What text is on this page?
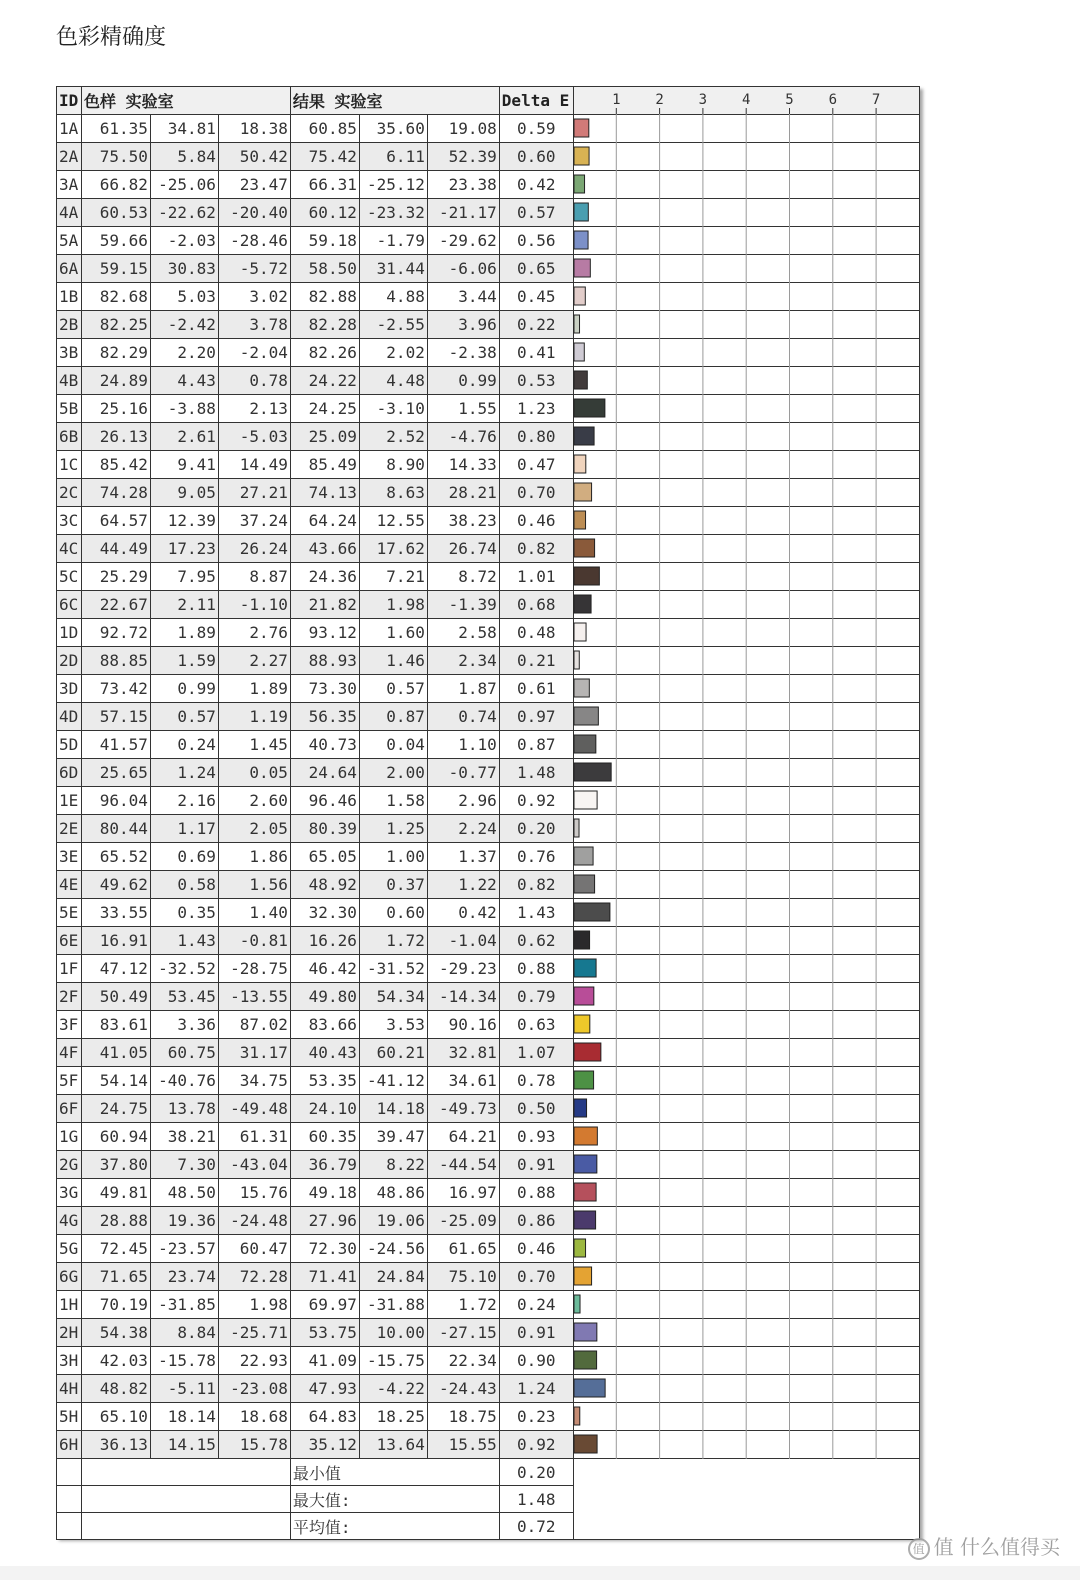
色彩精确度
ID	色样 实验室			结果 实验室			Delta E	
1A	61.35	34.81	18.38	60.85	35.60	19.08	0.59	
2A	75.50	5.84	50.42	75.42	6.11	52.39	0.60	
3A	66.82	-25.06	23.47	66.31	-25.12	23.38	0.42	
4A	60.53	-22.62	-20.40	60.12	-23.32	-21.17	0.57	
5A	59.66	-2.03	-28.46	59.18	-1.79	-29.62	0.56	
6A	59.15	30.83	-5.72	58.50	31.44	-6.06	0.65	
1B	82.68	5.03	3.02	82.88	4.88	3.44	0.45	
2B	82.25	-2.42	3.78	82.28	-2.55	3.96	0.22	
3B	82.29	2.20	-2.04	82.26	2.02	-2.38	0.41	
4B	24.89	4.43	0.78	24.22	4.48	0.99	0.53	
5B	25.16	-3.88	2.13	24.25	-3.10	1.55	1.23	
6B	26.13	2.61	-5.03	25.09	2.52	-4.76	0.80	
1C	85.42	9.41	14.49	85.49	8.90	14.33	0.47	
2C	74.28	9.05	27.21	74.13	8.63	28.21	0.70	
3C	64.57	12.39	37.24	64.24	12.55	38.23	0.46	
4C	44.49	17.23	26.24	43.66	17.62	26.74	0.82	
5C	25.29	7.95	8.87	24.36	7.21	8.72	1.01	
6C	22.67	2.11	-1.10	21.82	1.98	-1.39	0.68	
1D	92.72	1.89	2.76	93.12	1.60	2.58	0.48	
2D	88.85	1.59	2.27	88.93	1.46	2.34	0.21	
3D	73.42	0.99	1.89	73.30	0.57	1.87	0.61	
4D	57.15	0.57	1.19	56.35	0.87	0.74	0.97	
5D	41.57	0.24	1.45	40.73	0.04	1.10	0.87	
6D	25.65	1.24	0.05	24.64	2.00	-0.77	1.48	
1E	96.04	2.16	2.60	96.46	1.58	2.96	0.92	
2E	80.44	1.17	2.05	80.39	1.25	2.24	0.20	
3E	65.52	0.69	1.86	65.05	1.00	1.37	0.76	
4E	49.62	0.58	1.56	48.92	0.37	1.22	0.82	
5E	33.55	0.35	1.40	32.30	0.60	0.42	1.43	
6E	16.91	1.43	-0.81	16.26	1.72	-1.04	0.62	
1F	47.12	-32.52	-28.75	46.42	-31.52	-29.23	0.88	
2F	50.49	53.45	-13.55	49.80	54.34	-14.34	0.79	
3F	83.61	3.36	87.02	83.66	3.53	90.16	0.63	
4F	41.05	60.75	31.17	40.43	60.21	32.81	1.07	
5F	54.14	-40.76	34.75	53.35	-41.12	34.61	0.78	
6F	24.75	13.78	-49.48	24.10	14.18	-49.73	0.50	
1G	60.94	38.21	61.31	60.35	39.47	64.21	0.93	
2G	37.80	7.30	-43.04	36.79	8.22	-44.54	0.91	
3G	49.81	48.50	15.76	49.18	48.86	16.97	0.88	
4G	28.88	19.36	-24.48	27.96	19.06	-25.09	0.86	
5G	72.45	-23.57	60.47	72.30	-24.56	61.65	0.46	
6G	71.65	23.74	72.28	71.41	24.84	75.10	0.70	
1H	70.19	-31.85	1.98	69.97	-31.88	1.72	0.24	
2H	54.38	8.84	-25.71	53.75	10.00	-27.15	0.91	
3H	42.03	-15.78	22.93	41.09	-15.75	22.34	0.90	
4H	48.82	-5.11	-23.08	47.93	-4.22	-24.43	1.24	
5H	65.10	18.14	18.68	64.83	18.25	18.75	0.23	
6H	36.13	14.15	15.78	35.12	13.64	15.55	0.92	
				最小值			0.20	
				最大值:			1.48	
				平均值:			0.72	
1 2 3 4 5 6 7
值 值 什么值得买
